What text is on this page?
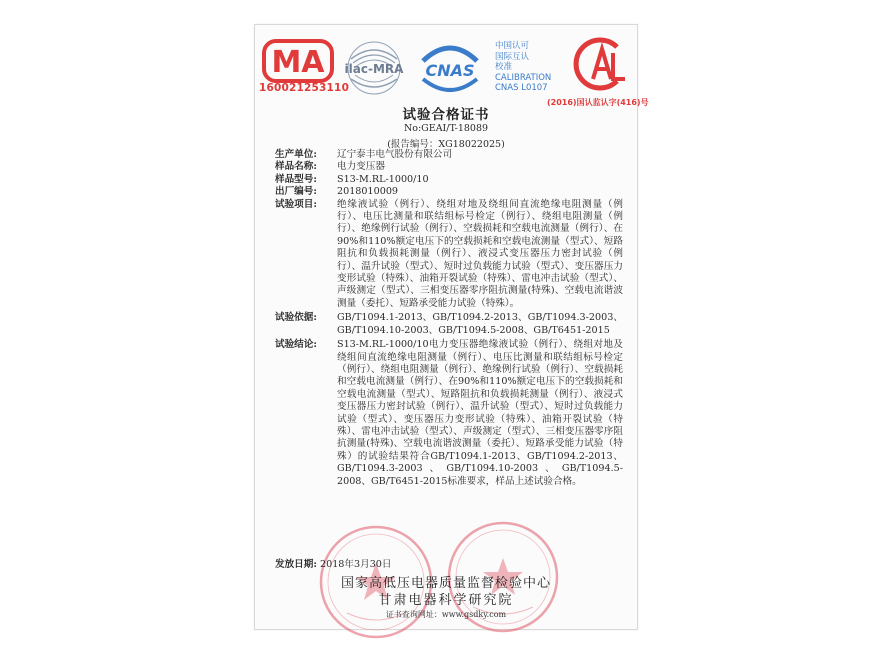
MA
160021253110
ilac-MRA CNAS
中国认可
国际互认
校准
CALIBRATION
CNAS L0107
(2016)国认监认字(416)号
试验合格证书
No:GEAI/T-18089
(报告编号：XG18022025)
生产单位:	辽宁泰丰电气股份有限公司
样品名称:	电力变压器
样品型号:	S13-M.RL-1000/10
出厂编号:	2018010009
试验项目:	绝缘液试验（例行）、绕组对地及绕组间直流绝缘电阻测量（例行）、电压比测量和联结组标号检定（例行）、绕组电阻测量（例行）、绝缘例行试验（例行）、空载损耗和空载电流测量（例行）、在90%和110%额定电压下的空载损耗和空载电流测量（型式）、短路阻抗和负载损耗测量（例行）、液浸式变压器压力密封试验（例行）、温升试验（型式）、短时过负载能力试验（型式）、变压器压力变形试验（特殊）、油箱开裂试验（特殊）、雷电冲击试验（型式）、声级测定（型式）、三相变压器零序阻抗测量(特殊)、空载电流谐波测量（委托）、短路承受能力试验（特殊）。
试验依据:	GB/T1094.1-2013、GB/T1094.2-2013、GB/T1094.3-2003、GB/T1094.10-2003、GB/T1094.5-2008、GB/T6451-2015
试验结论:	S13-M.RL-1000/10电力变压器绝缘液试验（例行）、绕组对地及绕组间直流绝缘电阻测量（例行）、电压比测量和联结组标号检定（例行）、绕组电阻测量（例行）、绝缘例行试验（例行）、空载损耗和空载电流测量（例行）、在90%和110%额定电压下的空载损耗和空载电流测量（型式）、短路阻抗和负载损耗测量（例行）、液浸式变压器压力密封试验（例行）、温升试验（型式）、短时过负载能力试验（型式）、变压器压力变形试验（特殊）、油箱开裂试验（特殊）、雷电冲击试验（型式）、声级测定（型式）、三相变压器零序阻抗测量(特殊)、空载电流谐波测量（委托）、短路承受能力试验（特殊）的试验结果符合GB/T1094.1-2013、GB/T1094.2-2013、GB/T1094.3-2003、GB/T1094.10-2003、GB/T1094.5-2008、GB/T6451-2015标准要求，样品上述试验合格。
发放日期: 2018年3月30日
国家高低压电器质量监督检验中心
甘肃电器科学研究院
证书查询网址：www.gsdky.com
